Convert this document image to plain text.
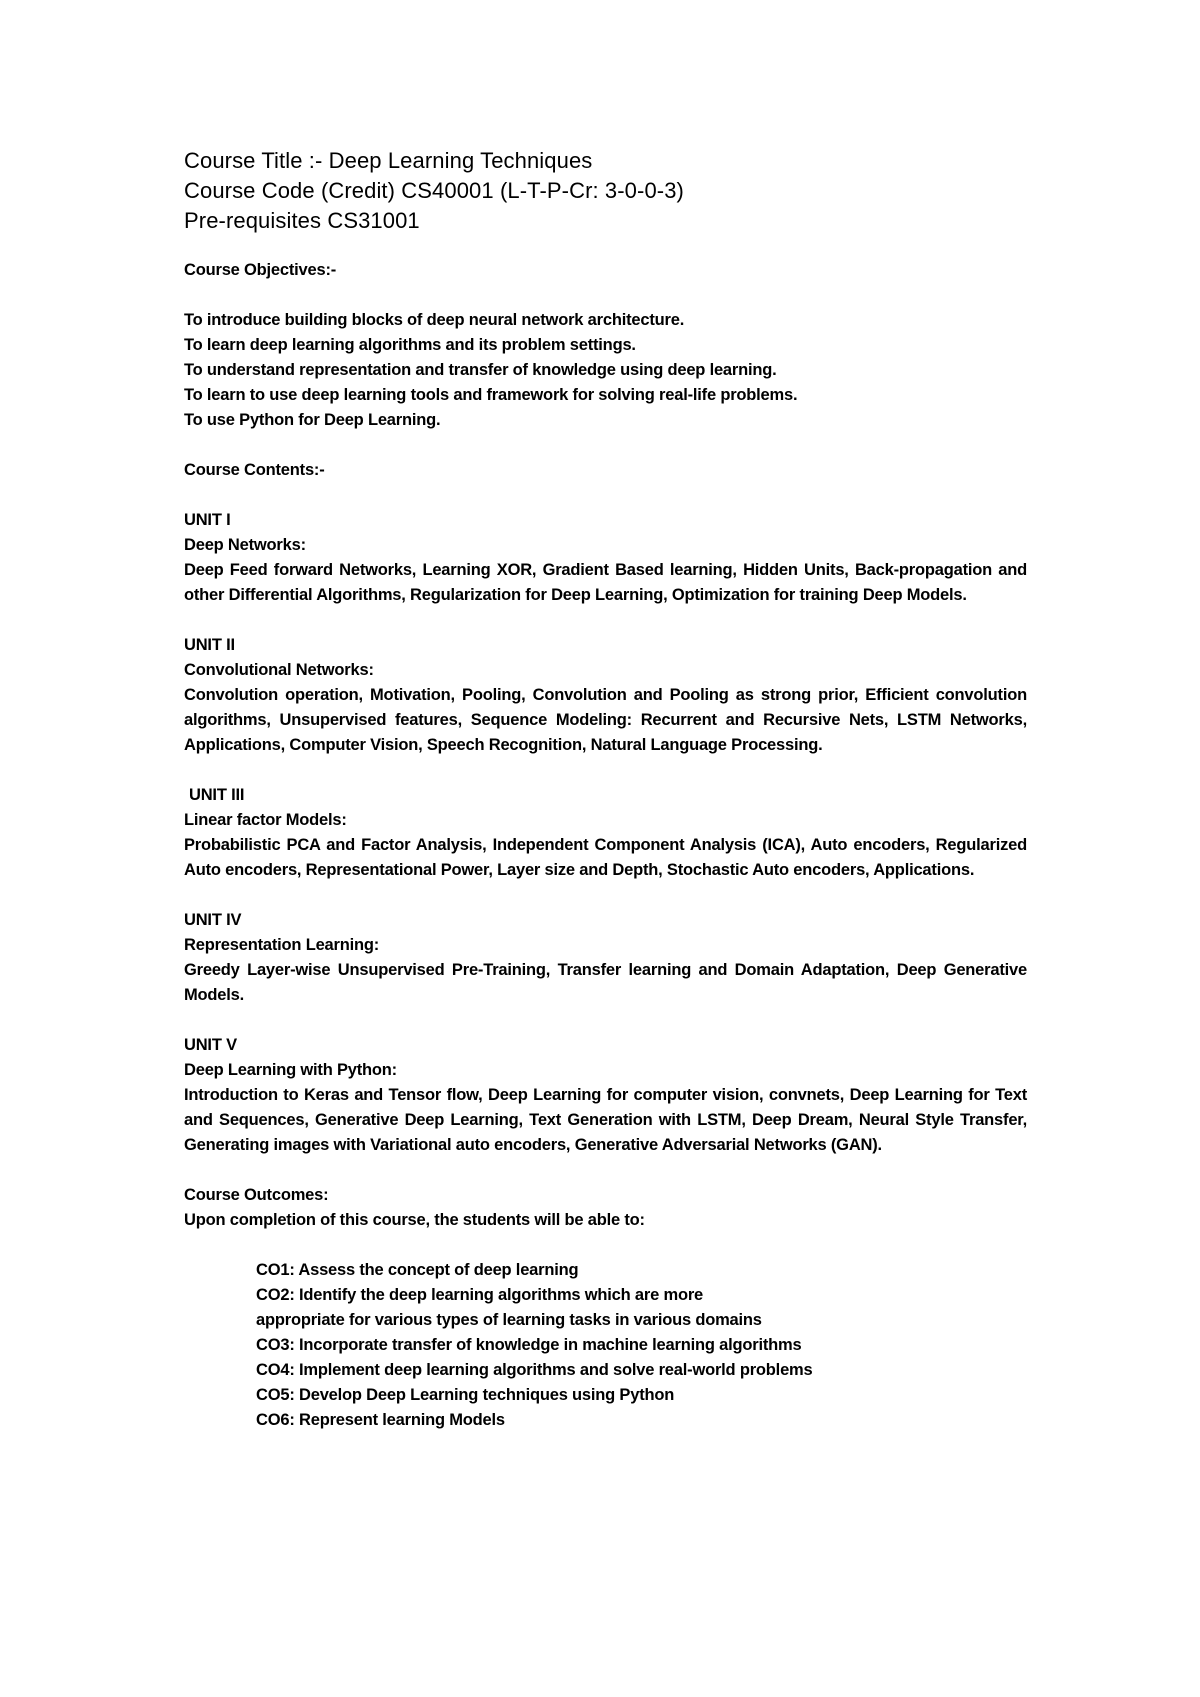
Course Title :- Deep Learning Techniques

Course Code (Credit) CS40001 (L-T-P-Cr: 3-0-0-3)

Pre-requisites CS31001

Course Objectives:-

To introduce building blocks of deep neural network architecture.
To learn deep learning algorithms and its problem settings.
To understand representation and transfer of knowledge using deep learning.
To learn to use deep learning tools and framework for solving real-life problems.
To use Python for Deep Learning.

Course Contents:-

UNIT I

Deep Networks:

Deep Feed forward Networks, Learning XOR, Gradient Based learning, Hidden Units, Back-propagation and other Differential Algorithms, Regularization for Deep Learning, Optimization for training Deep Models.

UNIT II

Convolutional Networks:

Convolution operation, Motivation, Pooling, Convolution and Pooling as strong prior, Efficient convolution algorithms, Unsupervised features, Sequence Modeling: Recurrent and Recursive Nets, LSTM Networks, Applications, Computer Vision, Speech Recognition, Natural Language Processing.

UNIT III

Linear factor Models:

Probabilistic PCA and Factor Analysis, Independent Component Analysis (ICA), Auto encoders, Regularized Auto encoders, Representational Power, Layer size and Depth, Stochastic Auto encoders, Applications.

UNIT IV

Representation Learning:

Greedy Layer-wise Unsupervised Pre-Training, Transfer learning and Domain Adaptation, Deep Generative Models.

UNIT V

Deep Learning with Python:

Introduction to Keras and Tensor flow, Deep Learning for computer vision, convnets, Deep Learning for Text and Sequences, Generative Deep Learning, Text Generation with LSTM, Deep Dream, Neural Style Transfer, Generating images with Variational auto encoders, Generative Adversarial Networks (GAN).

Course Outcomes:

Upon completion of this course, the students will be able to:

CO1: Assess the concept of deep learning
CO2: Identify the deep learning algorithms which are more
appropriate for various types of learning tasks in various domains
CO3: Incorporate transfer of knowledge in machine learning algorithms
CO4: Implement deep learning algorithms and solve real-world problems
CO5: Develop Deep Learning techniques using Python
CO6: Represent learning Models
